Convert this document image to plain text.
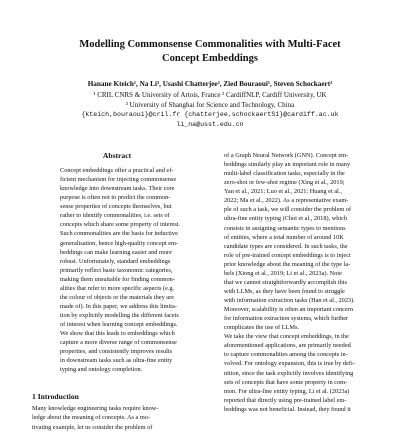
Modelling Commonsense Commonalities with Multi-Facet
Concept Embeddings
Hanane Kteich¹, Na Li³, Usashi Chatterjee², Zied Bouraoui¹, Steven Schockaert²
¹ CRIL CNRS & University of Artois, France ² CardiffNLP, Cardiff University, UK
³ University of Shanghai for Science and Technology, China
{kteich,bouraoui}@cril.fr {chatterjee,schockaertS1}@cardiff.ac.uk
li_na@usst.edu.cn
Abstract
Concept embeddings offer a practical and ef-
ficient mechanism for injecting commonsense
knowledge into downstream tasks. Their core
purpose is often not to predict the common-
sense properties of concepts themselves, but
rather to identify commonalities, i.e. sets of
concepts which share some property of interest.
Such commonalities are the basis for inductive
generalisation, hence high-quality concept em-
beddings can make learning easier and more
robust. Unfortunately, standard embeddings
primarily reflect basic taxonomic categories,
making them unsuitable for finding common-
alities that refer to more specific aspects (e.g.
the colour of objects or the materials they are
made of). In this paper, we address this limita-
tion by explicitly modelling the different facets
of interest when learning concept embeddings.
We show that this leads to embeddings which
capture a more diverse range of commonsense
properties, and consistently improves results
in downstream tasks such as ultra-fine entity
typing and ontology completion.
1 Introduction
Many knowledge engineering tasks require know-
ledge about the meaning of concepts. As a mo-
tivating example, let us consider the problem of
of a Graph Neural Network (GNN). Concept em-
beddings similarly play an important role in many
multi-label classification tasks, especially in the
zero-shot or few-shot regime (Xing et al., 2019;
Yan et al., 2021; Luo et al., 2021; Huang et al.,
2022; Ma et al., 2022). As a representative exam-
ple of such a task, we will consider the problem of
ultra-fine entity typing (Choi et al., 2018), which
consists in assigning semantic types to mentions
of entities, where a total number of around 10K
candidate types are considered. In such tasks, the
role of pre-trained concept embeddings is to inject
prior knowledge about the meaning of the type la-
bels (Xiong et al., 2019; Li et al., 2023a). Note
that we cannot straightforwardly accomplish this
with LLMs, as they have been found to struggle
with information extraction tasks (Han et al., 2023).
Moreover, scalability is often an important concern
for information extraction systems, which further
complicates the use of LLMs.
We take the view that concept embeddings, in the
aforementioned applications, are primarily needed
to capture commonalities among the concepts in-
volved. For ontology expansion, this is true by defi-
nition, since the task explicitly involves identifying
sets of concepts that have some property in com-
mon. For ultra-fine entity typing, Li et al. (2023a)
reported that directly using pre-trained label em-
beddings was not beneficial. Instead, they found it
